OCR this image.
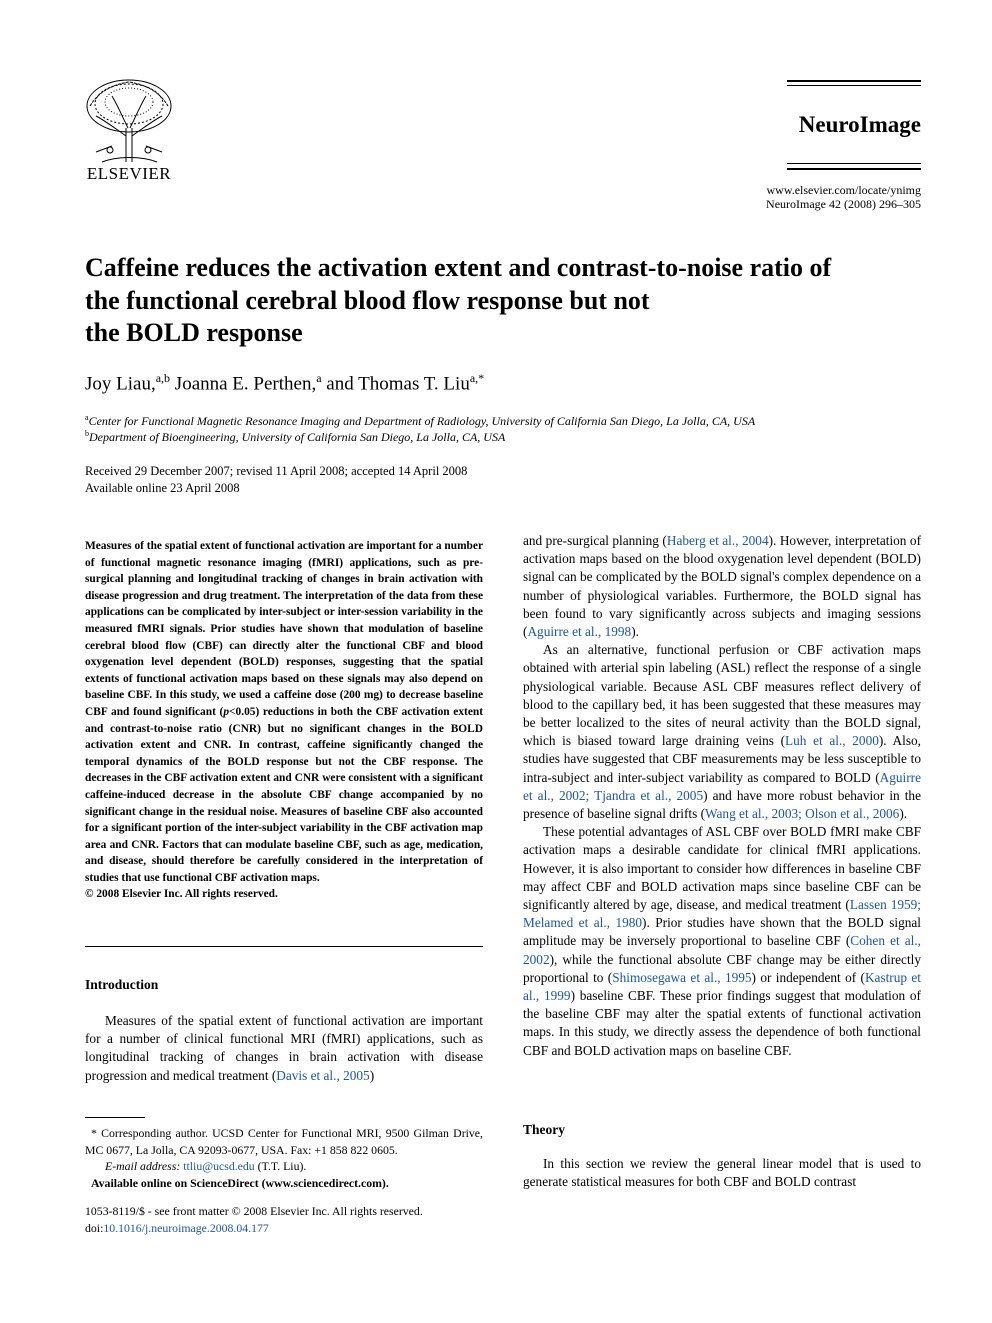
ELSEVIER
NeuroImage
www.elsevier.com/locate/ynimg
NeuroImage 42 (2008) 296–305
Caffeine reduces the activation extent and contrast-to-noise ratio of
the functional cerebral blood flow response but not
the BOLD response
Joy Liau,$^{a,b}$ Joanna E. Perthen,$^a$ and Thomas T. Liu$^{a,*}$
$^a$Center for Functional Magnetic Resonance Imaging and Department of Radiology, University of California San Diego, La Jolla, CA, USA
$^b$Department of Bioengineering, University of California San Diego, La Jolla, CA, USA
Received 29 December 2007; revised 11 April 2008; accepted 14 April 2008
Available online 23 April 2008

Measures of the spatial extent of functional activation are important for a number of functional magnetic resonance imaging (fMRI) applications, such as pre-surgical planning and longitudinal tracking of changes in brain activation with disease progression and drug treatment. The interpretation of the data from these applications can be complicated by inter-subject or inter-session variability in the measured fMRI signals. Prior studies have shown that modulation of baseline cerebral blood flow (CBF) can directly alter the functional CBF and blood oxygenation level dependent (BOLD) responses, suggesting that the spatial extents of functional activation maps based on these signals may also depend on baseline CBF. In this study, we used a caffeine dose (200 mg) to decrease baseline CBF and found significant (p<0.05) reductions in both the CBF activation extent and contrast-to-noise ratio (CNR) but no significant changes in the BOLD activation extent and CNR. In contrast, caffeine significantly changed the temporal dynamics of the BOLD response but not the CBF response. The decreases in the CBF activation extent and CNR were consistent with a significant caffeine-induced decrease in the absolute CBF change accompanied by no significant change in the residual noise. Measures of baseline CBF also accounted for a significant portion of the inter-subject variability in the CBF activation map area and CNR. Factors that can modulate baseline CBF, such as age, medication, and disease, should therefore be carefully considered in the interpretation of studies that use functional CBF activation maps.

© 2008 Elsevier Inc. All rights reserved.

Introduction

Measures of the spatial extent of functional activation are important for a number of clinical functional MRI (fMRI) applications, such as longitudinal tracking of changes in brain activation with disease progression and medical treatment (Davis et al., 2005)

* Corresponding author. UCSD Center for Functional MRI, 9500 Gilman Drive, MC 0677, La Jolla, CA 92093-0677, USA. Fax: +1 858 822 0605.

E-mail address: ttliu@ucsd.edu (T.T. Liu).

Available online on ScienceDirect (www.sciencedirect.com).

1053-8119/$ - see front matter © 2008 Elsevier Inc. All rights reserved.

doi:10.1016/j.neuroimage.2008.04.177

and pre-surgical planning (Haberg et al., 2004). However, interpretation of activation maps based on the blood oxygenation level dependent (BOLD) signal can be complicated by the BOLD signal's complex dependence on a number of physiological variables. Furthermore, the BOLD signal has been found to vary significantly across subjects and imaging sessions (Aguirre et al., 1998).

As an alternative, functional perfusion or CBF activation maps obtained with arterial spin labeling (ASL) reflect the response of a single physiological variable. Because ASL CBF measures reflect delivery of blood to the capillary bed, it has been suggested that these measures may be better localized to the sites of neural activity than the BOLD signal, which is biased toward large draining veins (Luh et al., 2000). Also, studies have suggested that CBF measurements may be less susceptible to intra-subject and inter-subject variability as compared to BOLD (Aguirre et al., 2002; Tjandra et al., 2005) and have more robust behavior in the presence of baseline signal drifts (Wang et al., 2003; Olson et al., 2006).

These potential advantages of ASL CBF over BOLD fMRI make CBF activation maps a desirable candidate for clinical fMRI applications. However, it is also important to consider how differences in baseline CBF may affect CBF and BOLD activation maps since baseline CBF can be significantly altered by age, disease, and medical treatment (Lassen 1959; Melamed et al., 1980). Prior studies have shown that the BOLD signal amplitude may be inversely proportional to baseline CBF (Cohen et al., 2002), while the functional absolute CBF change may be either directly proportional to (Shimosegawa et al., 1995) or independent of (Kastrup et al., 1999) baseline CBF. These prior findings suggest that modulation of the baseline CBF may alter the spatial extents of functional activation maps. In this study, we directly assess the dependence of both functional CBF and BOLD activation maps on baseline CBF.

Theory

In this section we review the general linear model that is used to generate statistical measures for both CBF and BOLD contrast
